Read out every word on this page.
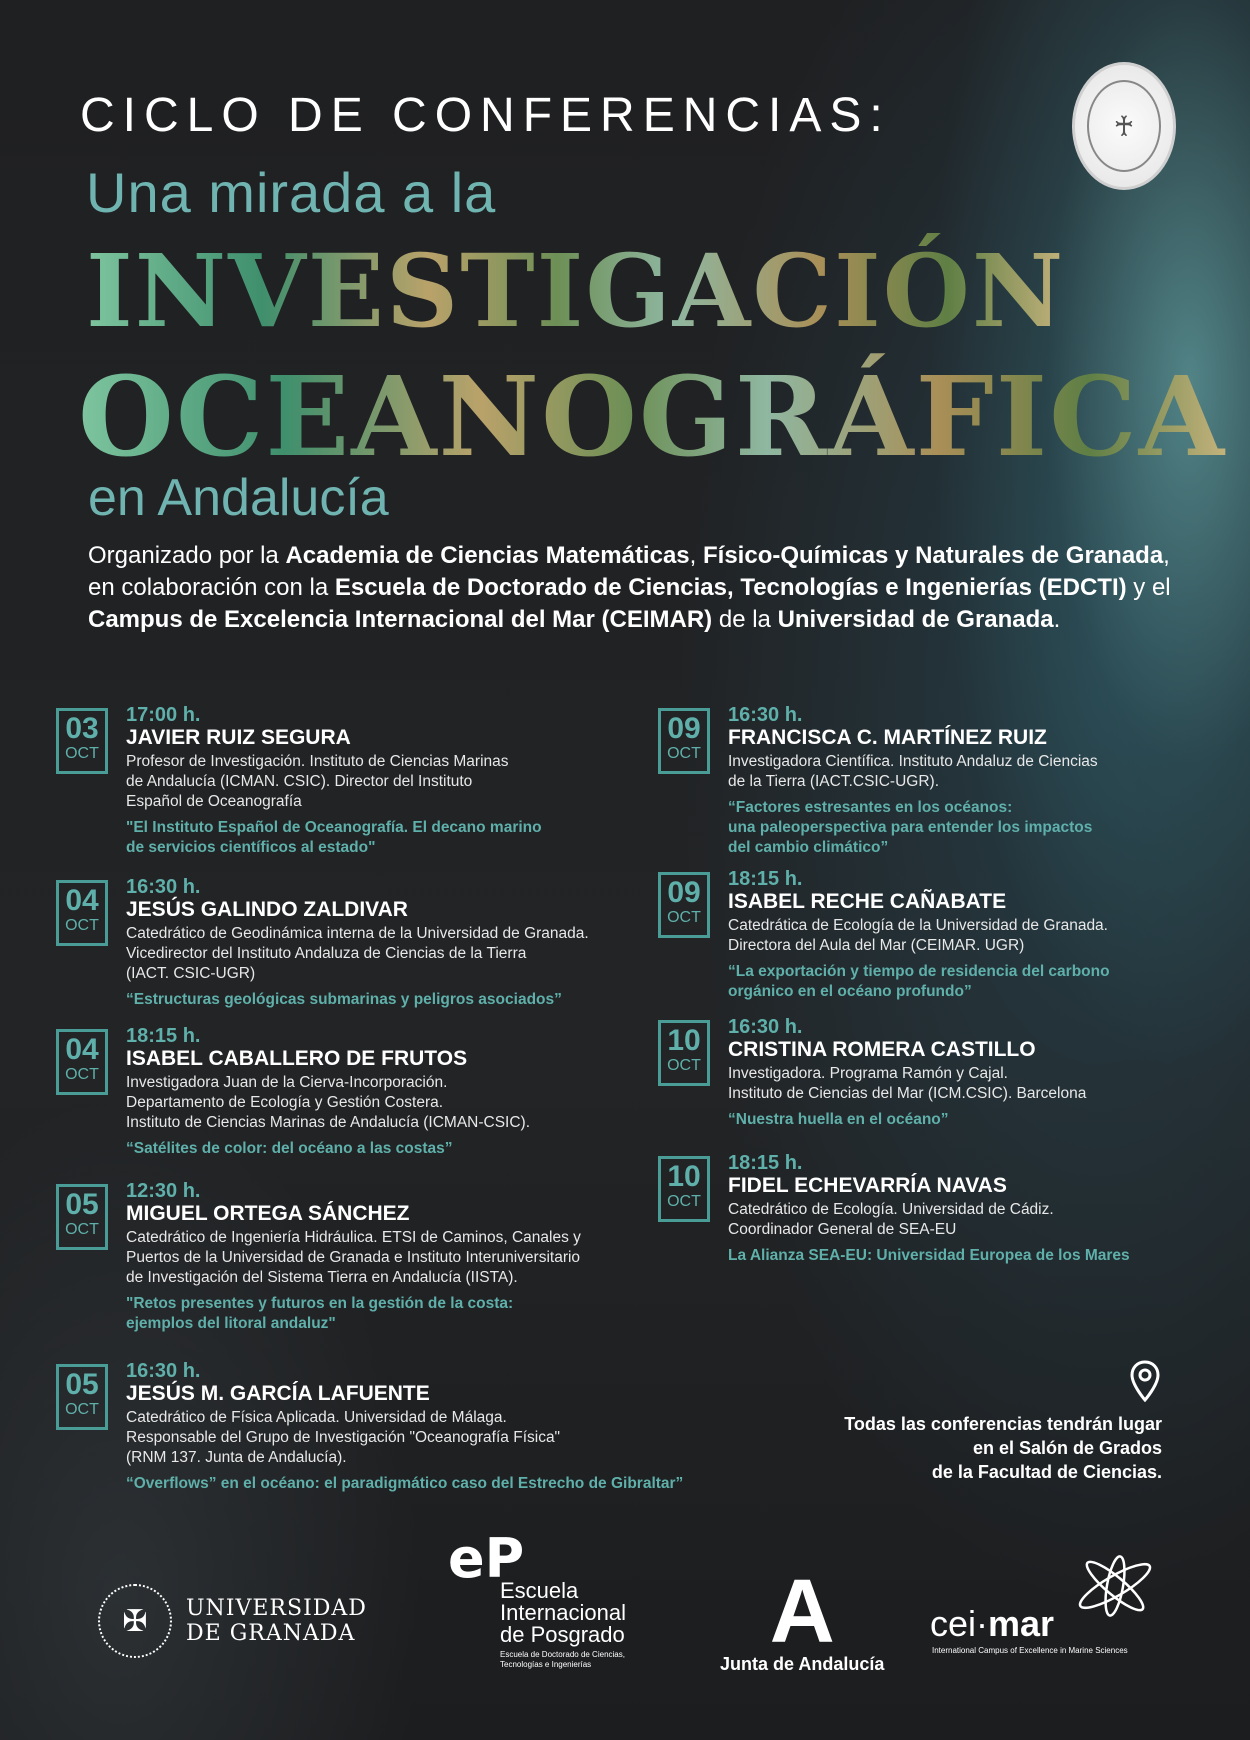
♰
CICLO DE CONFERENCIAS:
Una mirada a la
INVESTIGACIÓN
OCEANOGRÁFICA
en Andalucía
Organizado por la Academia de Ciencias Matemáticas, Físico-Químicas y Naturales de Granada, en colaboración con la Escuela de Doctorado de Ciencias, Tecnologías e Ingenierías (EDCTI) y el Campus de Excelencia Internacional del Mar (CEIMAR) de la Universidad de Granada.
03
OCT
17:00 h.
JAVIER RUIZ SEGURA
Profesor de Investigación. Instituto de Ciencias Marinas
de Andalucía (ICMAN. CSIC). Director del Instituto
Español de Oceanografía
"El Instituto Español de Oceanografía. El decano marino
de servicios científicos al estado"
04
OCT
16:30 h.
JESÚS GALINDO ZALDIVAR
Catedrático de Geodinámica interna de la Universidad de Granada.
Vicedirector del Instituto Andaluza de Ciencias de la Tierra
(IACT. CSIC-UGR)
“Estructuras geológicas submarinas y peligros asociados”
04
OCT
18:15 h.
ISABEL CABALLERO DE FRUTOS
Investigadora Juan de la Cierva-Incorporación.
Departamento de Ecología y Gestión Costera.
Instituto de Ciencias Marinas de Andalucía (ICMAN-CSIC).
“Satélites de color: del océano a las costas”
05
OCT
12:30 h.
MIGUEL ORTEGA SÁNCHEZ
Catedrático de Ingeniería Hidráulica. ETSI de Caminos, Canales y
Puertos de la Universidad de Granada e Instituto Interuniversitario
de Investigación del Sistema Tierra en Andalucía (IISTA).
"Retos presentes y futuros en la gestión de la costa:
ejemplos del litoral andaluz"
05
OCT
16:30 h.
JESÚS M. GARCÍA LAFUENTE
Catedrático de Física Aplicada. Universidad de Málaga.
Responsable del Grupo de Investigación "Oceanografía Física"
(RNM 137. Junta de Andalucía).
“Overflows” en el océano: el paradigmático caso del Estrecho de Gibraltar”
09
OCT
16:30 h.
FRANCISCA C. MARTÍNEZ RUIZ
Investigadora Científica. Instituto Andaluz de Ciencias
de la Tierra (IACT.CSIC-UGR).
“Factores estresantes en los océanos:
una paleoperspectiva para entender los impactos
del cambio climático”
09
OCT
18:15 h.
ISABEL RECHE CAÑABATE
Catedrática de Ecología de la Universidad de Granada.
Directora del Aula del Mar (CEIMAR. UGR)
“La exportación y tiempo de residencia del carbono
orgánico en el océano profundo”
10
OCT
16:30 h.
CRISTINA ROMERA CASTILLO
Investigadora. Programa Ramón y Cajal.
Instituto de Ciencias del Mar (ICM.CSIC). Barcelona
“Nuestra huella en el océano”
10
OCT
18:15 h.
FIDEL ECHEVARRÍA NAVAS
Catedrático de Ecología. Universidad de Cádiz.
Coordinador General de SEA-EU
La Alianza SEA-EU: Universidad Europea de los Mares
Todas las conferencias tendrán lugar
en el Salón de Grados
de la Facultad de Ciencias.
✠	UNIVERSIDAD
DE GRANADA
eP
Escuela
Internacional
de Posgrado
Escuela de Doctorado de Ciencias, Tecnologías e Ingenierías
A
Junta de Andalucía
cei·mar
International Campus of Excellence in Marine Sciences
